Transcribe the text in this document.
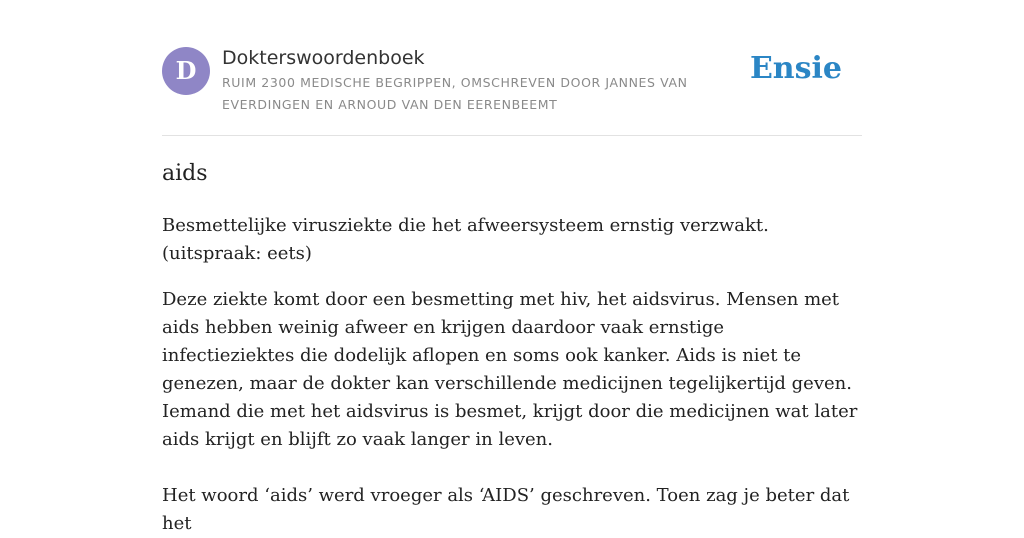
D	Dokterswoordenboek
RUIM 2300 MEDISCHE BEGRIPPEN, OMSCHREVEN DOOR JANNES VAN EVERDINGEN EN ARNOUD VAN DEN EERENBEEMT
Ensie
aids

Besmettelijke virusziekte die het afweersysteem ernstig verzwakt. (uitspraak: eets)

Deze ziekte komt door een besmetting met hiv, het aidsvirus. Mensen met aids hebben weinig afweer en krijgen daardoor vaak ernstige infectieziektes die dodelijk aflopen en soms ook kanker. Aids is niet te genezen, maar de dokter kan verschillende medicijnen tegelijkertijd geven. Iemand die met het aidsvirus is besmet, krijgt door die medicijnen wat later aids krijgt en blijft zo vaak langer in leven.

Het woord ‘aids’ werd vroeger als ‘AIDS’ geschreven. Toen zag je beter dat het
